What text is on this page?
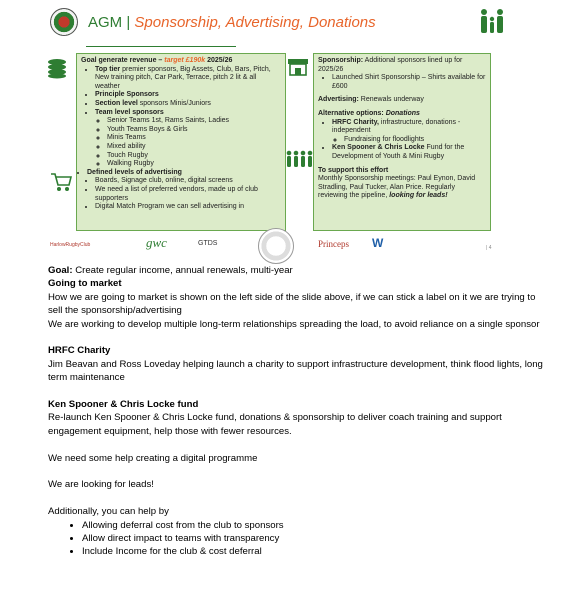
AGM | Sponsorship, Advertising, Donations
Goal generate revenue – target £190k 2025/26
• Top tier premier sponsors, Big Assets, Club, Bars, Pitch, New training pitch, Car Park, Terrace, pitch 2 lit & all weather
• Principle Sponsors
• Section level sponsors Minis/Juniors
• Team level sponsors
◦ Senior Teams 1st, Rams Saints, Ladies
◦ Youth Teams Boys & Girls
◦ Minis Teams
◦ Mixed ability
◦ Touch Rugby
◦ Walking Rugby
• Defined levels of advertising
• Boards, Signage club, online, digital screens
• We need a list of preferred vendors, made up of club supporters
• Digital Match Program we can sell advertising in
Sponsorship: Additional sponsors lined up for 2025/26
• Launched Shirt Sponsorship – Shirts available for £600
Advertising: Renewals underway
Alternative options: Donations
• HRFC Charity, infrastructure, donations - independent
◦ Fundraising for floodlights
• Ken Spooner & Chris Locke Fund for the Development of Youth & Mini Rugby
To support this effort
Monthly Sponsorship meetings: Paul Eynon, David Stradling, Paul Tucker, Alan Price. Regularly reviewing the pipeline, looking for leads!
HarlowRugbyClub	gwc	GTDS	Princeps W	| 4

Goal: Create regular income, annual renewals, multi-year

Going to market

How we are going to market is shown on the left side of the slide above, if we can stick a label on it we are trying to sell the sponsorship/advertising

We are working to develop multiple long-term relationships spreading the load, to avoid reliance on a single sponsor

HRFC Charity

Jim Beavan and Ross Loveday helping launch a charity to support infrastructure development, think flood lights, long term maintenance

Ken Spooner & Chris Locke fund

Re-launch Ken Spooner & Chris Locke fund, donations & sponsorship to deliver coach training and support engagement equipment, help those with fewer resources.

We need some help creating a digital programme

We are looking for leads!

Additionally, you can help by

• Allowing deferral cost from the club to sponsors
• Allow direct impact to teams with transparency
• Include Income for the club & cost deferral
